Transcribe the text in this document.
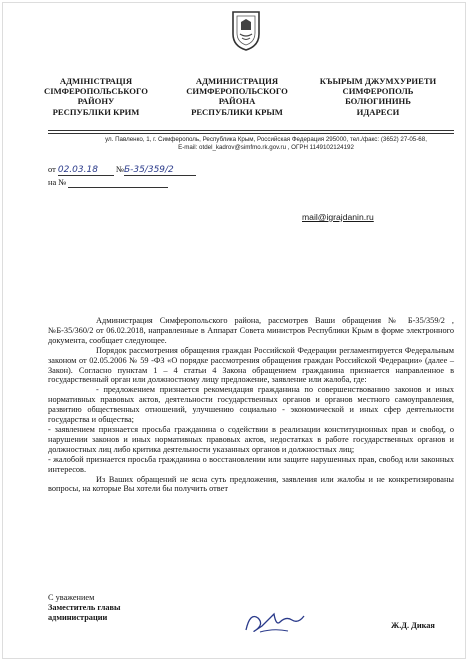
АДМІНІСТРАЦІЯ
СІМФЕРОПОЛЬСЬКОГО
РАЙОНУ
РЕСПУБЛІКИ КРИМ
АДМИНИСТРАЦИЯ
СИМФЕРОПОЛЬСКОГО
РАЙОНА
РЕСПУБЛИКИ КРЫМ
КЪЫРЫМ ДЖУМХУРИЕТИ
СИМФЕРОПОЛЬ
БОЛЮГИНИНЬ
ИДАРЕСИ
ул. Павленко, 1, г. Симферополь, Республика Крым, Российская Федерация 295000, тел./факс: (3652) 27-05-68,
E-mail: otdel_kadrov@simfmo.rk.gov.ru , ОГРН 1149102124192
от 02.03.18 №Б-35/359/2
на №
mail@igrajdanin.ru

Администрация Симферопольского района, рассмотрев Ваши обращения № Б-35/359/2 , №Б-35/360/2 от 06.02.2018, направленные в Аппарат Совета министров Республики Крым в форме электронного документа, сообщает следующее.

Порядок рассмотрения обращения граждан Российской Федерации регламентируется Федеральным законом от 02.05.2006 № 59 -ФЗ «О порядке рассмотрения обращения граждан Российской Федерации» (далее – Закон). Согласно пунктам 1 – 4 статьи 4 Закона обращением гражданина признается направленное в государственный орган или должностному лицу предложение, заявление или жалоба, где:

- предложением признается рекомендация гражданина по совершенствованию законов и иных нормативных правовых актов, деятельности государственных органов и органов местного самоуправления, развитию общественных отношений, улучшению социально - экономической и иных сфер деятельности государства и общества;

- заявлением признается просьба гражданина о содействии в реализации конституционных прав и свобод, о нарушении законов и иных нормативных правовых актов, недостатках в работе государственных органов и должностных лиц либо критика деятельности указанных органов и должностных лиц;

- жалобой признается просьба гражданина о восстановлении или защите нарушенных прав, свобод или законных интересов.

Из Ваших обращений не ясна суть предложения, заявления или жалобы и не конкретизированы вопросы, на которые Вы хотели бы получить ответ

С уважением
Заместитель главы
администрации
Ж.Д. Дикая
